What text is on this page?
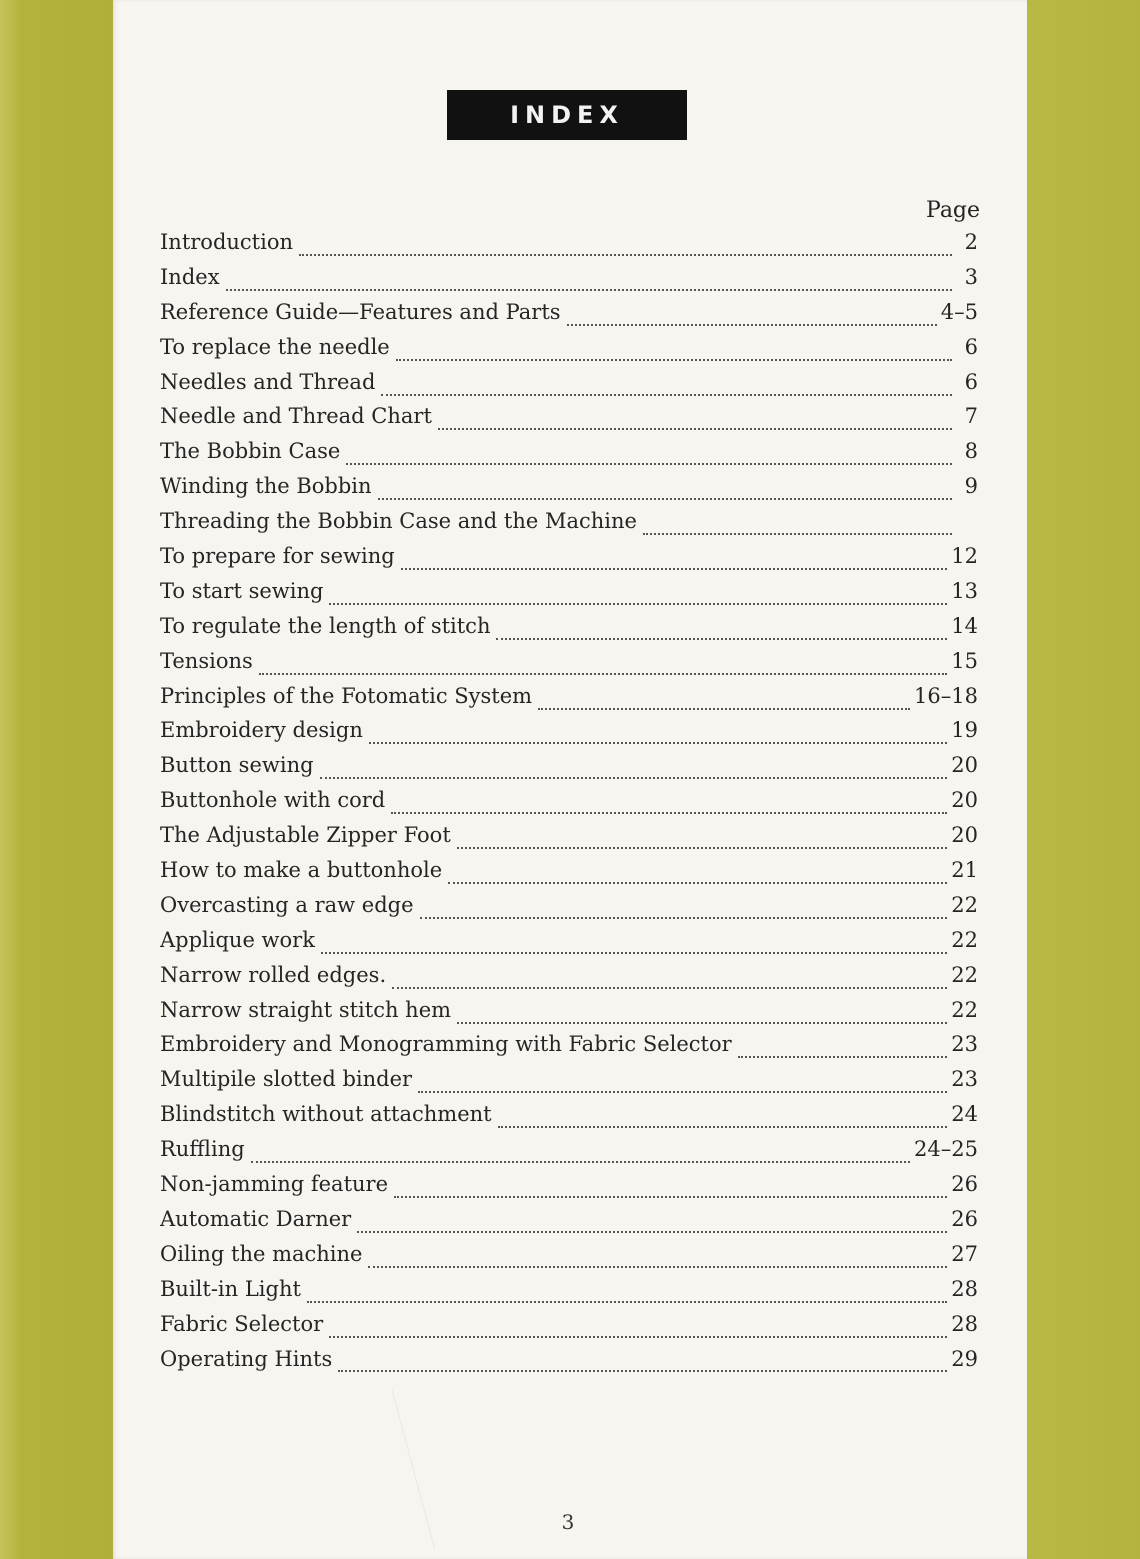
INDEX
Page
Introduction	2
Index	3
Reference Guide—Features and Parts	4–5
To replace the needle	6
Needles and Thread	6
Needle and Thread Chart	7
The Bobbin Case	8
Winding the Bobbin	9
Threading the Bobbin Case and the Machine
To prepare for sewing	12
To start sewing	13
To regulate the length of stitch	14
Tensions	15
Principles of the Fotomatic System	16–18
Embroidery design	19
Button sewing	20
Buttonhole with cord	20
The Adjustable Zipper Foot	20
How to make a buttonhole	21
Overcasting a raw edge	22
Applique work	22
Narrow rolled edges.	22
Narrow straight stitch hem	22
Embroidery and Monogramming with Fabric Selector	23
Multipile slotted binder	23
Blindstitch without attachment	24
Ruffling	24–25
Non-jamming feature	26
Automatic Darner	26
Oiling the machine	27
Built-in Light	28
Fabric Selector	28
Operating Hints	29
3
